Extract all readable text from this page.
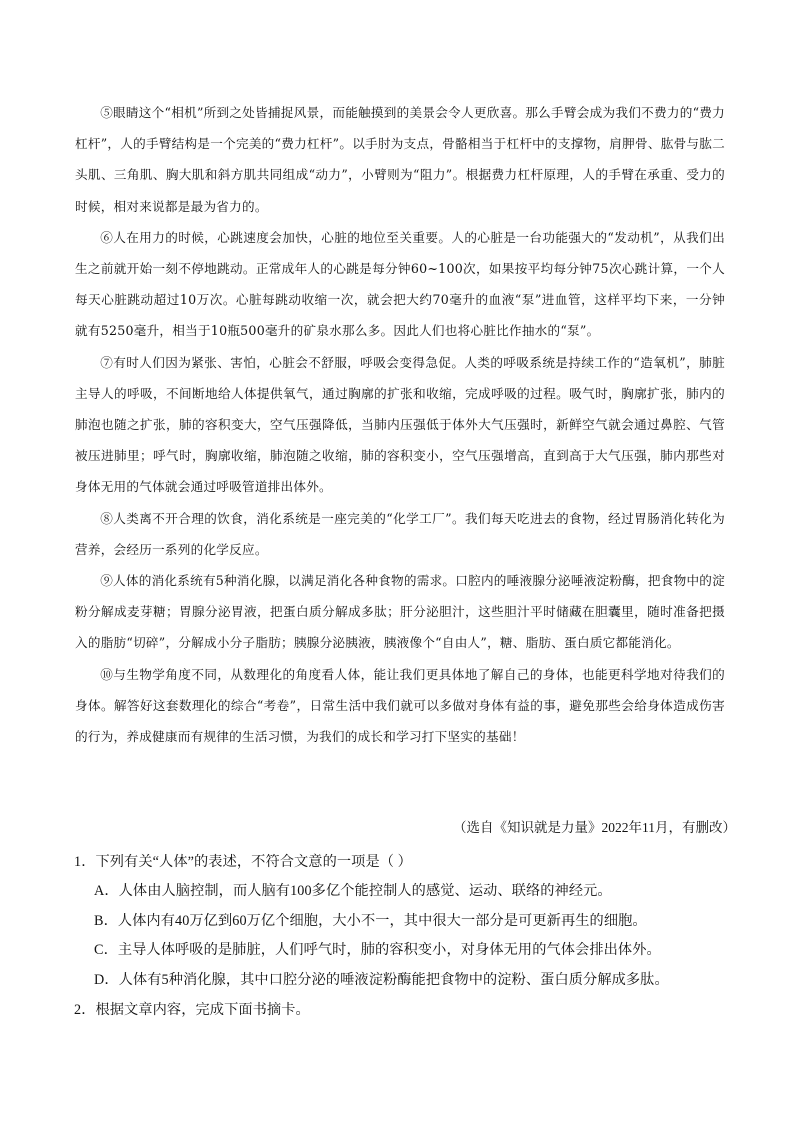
⑤眼睛这个“相机”所到之处皆捕捉风景，而能触摸到的美景会令人更欣喜。那么手臂会成为我们不费力的“费力杠杆”，人的手臂结构是一个完美的“费力杠杆”。以手肘为支点，骨骼相当于杠杆中的支撑物，肩胛骨、肱骨与肱二头肌、三角肌、胸大肌和斜方肌共同组成“动力”，小臂则为“阻力”。根据费力杠杆原理，人的手臂在承重、受力的时候，相对来说都是最为省力的。

⑥人在用力的时候，心跳速度会加快，心脏的地位至关重要。人的心脏是一台功能强大的“发动机”，从我们出生之前就开始一刻不停地跳动。正常成年人的心跳是每分钟60~100次，如果按平均每分钟75次心跳计算，一个人每天心脏跳动超过10万次。心脏每跳动收缩一次，就会把大约70毫升的血液“泵”进血管，这样平均下来，一分钟就有5250毫升，相当于10瓶500毫升的矿泉水那么多。因此人们也将心脏比作抽水的“泵”。

⑦有时人们因为紧张、害怕，心脏会不舒服，呼吸会变得急促。人类的呼吸系统是持续工作的“造氧机”，肺脏主导人的呼吸，不间断地给人体提供氧气，通过胸廓的扩张和收缩，完成呼吸的过程。吸气时，胸廓扩张，肺内的肺泡也随之扩张，肺的容积变大，空气压强降低，当肺内压强低于体外大气压强时，新鲜空气就会通过鼻腔、气管被压进肺里；呼气时，胸廓收缩，肺泡随之收缩，肺的容积变小，空气压强增高，直到高于大气压强，肺内那些对身体无用的气体就会通过呼吸管道排出体外。

⑧人类离不开合理的饮食，消化系统是一座完美的“化学工厂”。我们每天吃进去的食物，经过胃肠消化转化为营养，会经历一系列的化学反应。

⑨人体的消化系统有5种消化腺，以满足消化各种食物的需求。口腔内的唾液腺分泌唾液淀粉酶，把食物中的淀粉分解成麦芽糖；胃腺分泌胃液，把蛋白质分解成多肽；肝分泌胆汁，这些胆汁平时储藏在胆囊里，随时准备把摄入的脂肪“切碎”，分解成小分子脂肪；胰腺分泌胰液，胰液像个“自由人”，糖、脂肪、蛋白质它都能消化。

⑩与生物学角度不同，从数理化的角度看人体，能让我们更具体地了解自己的身体，也能更科学地对待我们的身体。解答好这套数理化的综合“考卷”，日常生活中我们就可以多做对身体有益的事，避免那些会给身体造成伤害的行为，养成健康而有规律的生活习惯，为我们的成长和学习打下坚实的基础！

（选自《知识就是力量》2022年11月，有删改）

1．下列有关“人体”的表述，不符合文意的一项是（ ）

A．人体由人脑控制，而人脑有100多亿个能控制人的感觉、运动、联络的神经元。
B．人体内有40万亿到60万亿个细胞，大小不一，其中很大一部分是可更新再生的细胞。
C．主导人体呼吸的是肺脏，人们呼气时，肺的容积变小，对身体无用的气体会排出体外。
D．人体有5种消化腺，其中口腔分泌的唾液淀粉酶能把食物中的淀粉、蛋白质分解成多肽。

2．根据文章内容，完成下面书摘卡。
